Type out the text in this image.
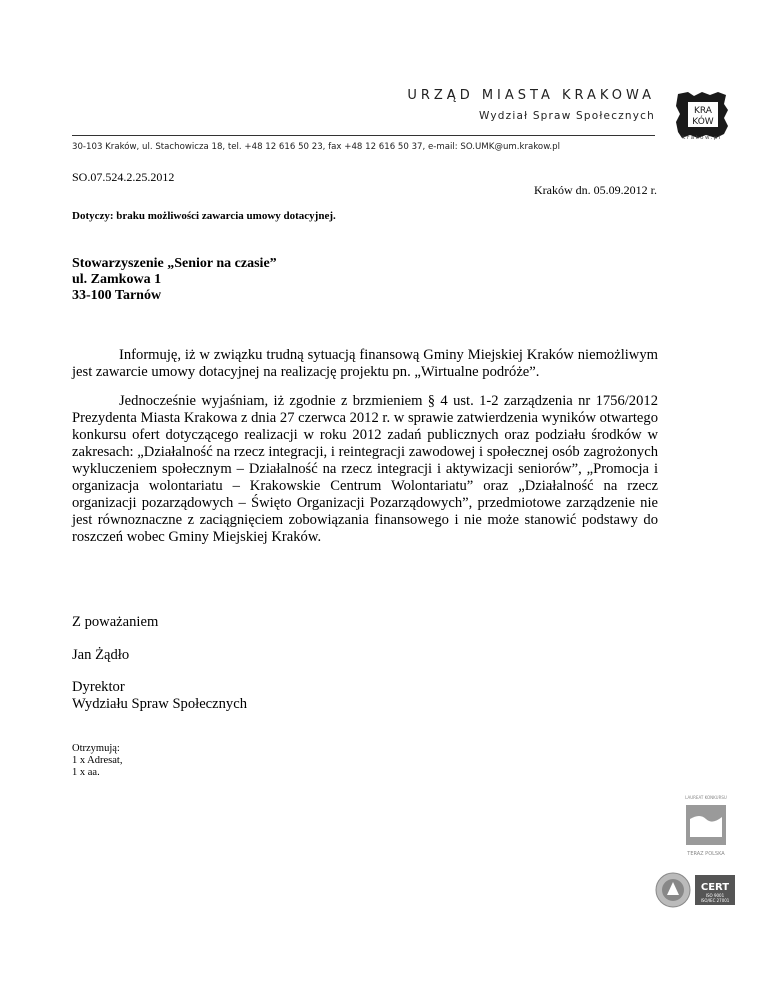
URZĄD MIASTA KRAKOWA
Wydział Spraw Społecznych
30-103 Kraków, ul. Stachowicza 18, tel. +48 12 616 50 23, fax +48 12 616 50 37, e-mail: SO.UMK@um.krakow.pl
KRA
KÓW
krakow.pl
SO.07.524.2.25.2012
Kraków dn. 05.09.2012 r.
Dotyczy: braku możliwości zawarcia umowy dotacyjnej.
Stowarzyszenie „Senior na czasie”
ul. Zamkowa 1
33-100 Tarnów

Informuję, iż w związku trudną sytuacją finansową Gminy Miejskiej Kraków niemożliwym jest zawarcie umowy dotacyjnej na realizację projektu pn. „Wirtualne podróże”.

Jednocześnie wyjaśniam, iż zgodnie z brzmieniem § 4 ust. 1-2 zarządzenia nr 1756/2012 Prezydenta Miasta Krakowa z dnia 27 czerwca 2012 r. w sprawie zatwierdzenia wyników otwartego konkursu ofert dotyczącego realizacji w roku 2012 zadań publicznych oraz podziału środków w zakresach: „Działalność na rzecz integracji, i reintegracji zawodowej i społecznej osób zagrożonych wykluczeniem społecznym – Działalność na rzecz integracji i aktywizacji seniorów”, „Promocja i organizacja wolontariatu – Krakowskie Centrum Wolontariatu” oraz „Działalność na rzecz organizacji pozarządowych – Święto Organizacji Pozarządowych”, przedmiotowe zarządzenie nie jest równoznaczne z zaciągnięciem zobowiązania finansowego i nie może stanowić podstawy do roszczeń wobec Gminy Miejskiej Kraków.

Z poważaniem
Jan Żądło
Dyrektor
Wydziału Spraw Społecznych
Otrzymują:
1 x Adresat,
1 x aa.
LAUREAT KONKURSU
TERAZ POLSKA
CERT
ISO 9001
ISO/IEC 27001
